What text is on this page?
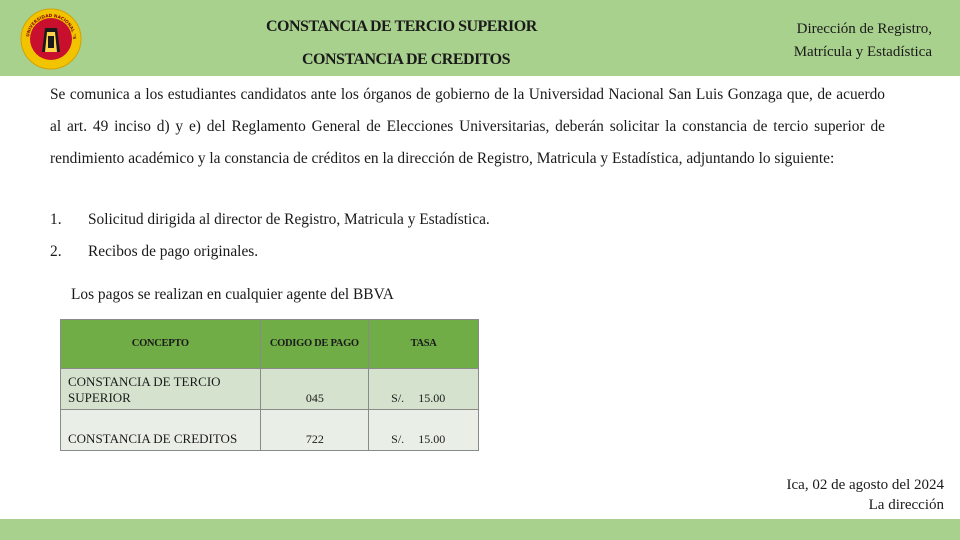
UNIVERSIDAD NACIONAL "S
CONSTANCIA DE TERCIO SUPERIOR
CONSTANCIA DE CREDITOS
Dirección de Registro,
Matrícula y Estadística
Se comunica a los estudiantes candidatos ante los órganos de gobierno de la Universidad Nacional San Luis Gonzaga que, de acuerdo al art. 49 inciso d) y e) del Reglamento General de Elecciones Universitarias, deberán solicitar la constancia de tercio superior de rendimiento académico y la constancia de créditos en la dirección de Registro, Matricula y Estadística, adjuntando lo siguiente:
1. Solicitud dirigida al director de Registro, Matricula y Estadística.
2. Recibos de pago originales.
Los pagos se realizan en cualquier agente del BBVA
CONCEPTO	CODIGO DE PAGO	TASA
CONSTANCIA DE TERCIO SUPERIOR	045	S/. 15.00
CONSTANCIA DE CREDITOS	722	S/. 15.00
Ica, 02 de agosto del 2024
La dirección
